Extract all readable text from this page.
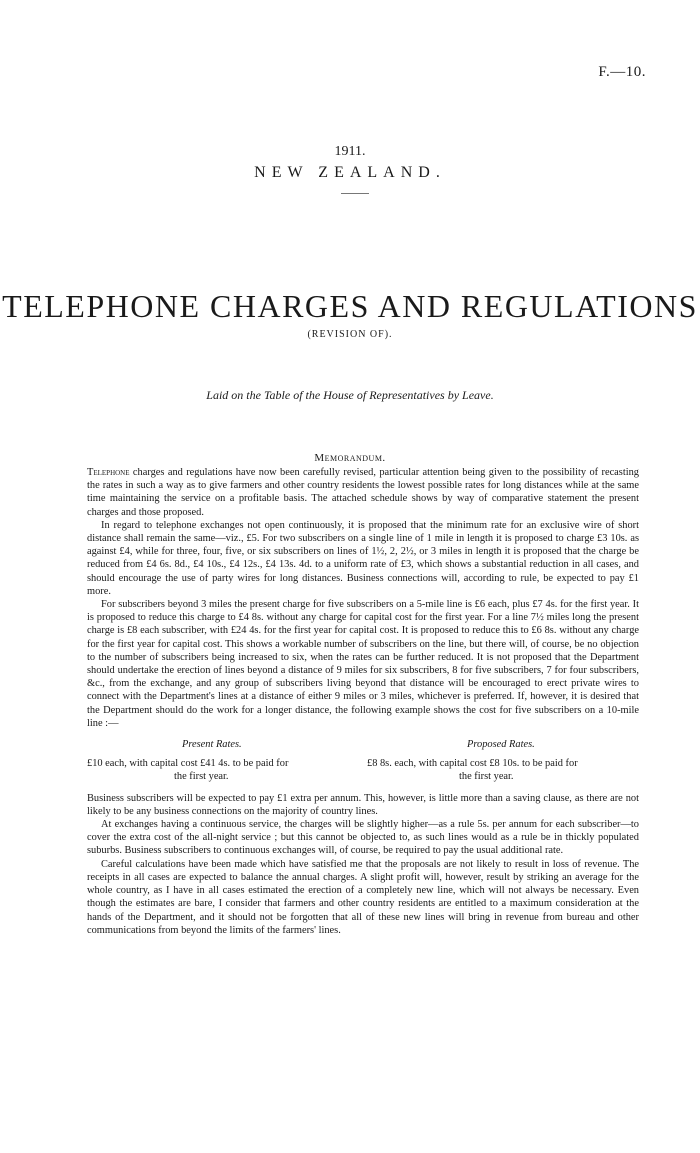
F.—10.
1911.
NEW ZEALAND.
TELEPHONE CHARGES AND REGULATIONS
(REVISION OF).
Laid on the Table of the House of Representatives by Leave.
Memorandum.

Telephone charges and regulations have now been carefully revised, particular attention being given to the possibility of recasting the rates in such a way as to give farmers and other country residents the lowest possible rates for long distances while at the same time maintaining the service on a profitable basis. The attached schedule shows by way of comparative statement the present charges and those proposed.

In regard to telephone exchanges not open continuously, it is proposed that the minimum rate for an exclusive wire of short distance shall remain the same—viz., £5. For two subscribers on a single line of 1 mile in length it is proposed to charge £3 10s. as against £4, while for three, four, five, or six subscribers on lines of 1½, 2, 2½, or 3 miles in length it is proposed that the charge be reduced from £4 6s. 8d., £4 10s., £4 12s., £4 13s. 4d. to a uniform rate of £3, which shows a substantial reduction in all cases, and should encourage the use of party wires for long distances. Business connections will, according to rule, be expected to pay £1 more.

For subscribers beyond 3 miles the present charge for five subscribers on a 5-mile line is £6 each, plus £7 4s. for the first year. It is proposed to reduce this charge to £4 8s. without any charge for capital cost for the first year. For a line 7½ miles long the present charge is £8 each subscriber, with £24 4s. for the first year for capital cost. It is proposed to reduce this to £6 8s. without any charge for the first year for capital cost. This shows a workable number of subscribers on the line, but there will, of course, be no objection to the number of subscribers being increased to six, when the rates can be further reduced. It is not proposed that the Department should undertake the erection of lines beyond a distance of 9 miles for six subscribers, 8 for five subscribers, 7 for four subscribers, &c., from the exchange, and any group of subscribers living beyond that distance will be encouraged to erect private wires to connect with the Department's lines at a distance of either 9 miles or 3 miles, whichever is preferred. If, however, it is desired that the Department should do the work for a longer distance, the following example shows the cost for five subscribers on a 10-mile line :—

Present Rates.
£10 each, with capital cost £41 4s. to be paid for
the first year.
Proposed Rates.
£8 8s. each, with capital cost £8 10s. to be paid for
the first year.

Business subscribers will be expected to pay £1 extra per annum. This, however, is little more than a saving clause, as there are not likely to be any business connections on the majority of country lines.

At exchanges having a continuous service, the charges will be slightly higher—as a rule 5s. per annum for each subscriber—to cover the extra cost of the all-night service ; but this cannot be objected to, as such lines would as a rule be in thickly populated suburbs. Business subscribers to continuous exchanges will, of course, be required to pay the usual additional rate.

Careful calculations have been made which have satisfied me that the proposals are not likely to result in loss of revenue. The receipts in all cases are expected to balance the annual charges. A slight profit will, however, result by striking an average for the whole country, as I have in all cases estimated the erection of a completely new line, which will not always be necessary. Even though the estimates are bare, I consider that farmers and other country residents are entitled to a maximum consideration at the hands of the Department, and it should not be forgotten that all of these new lines will bring in revenue from bureau and other communications from beyond the limits of the farmers' lines.
